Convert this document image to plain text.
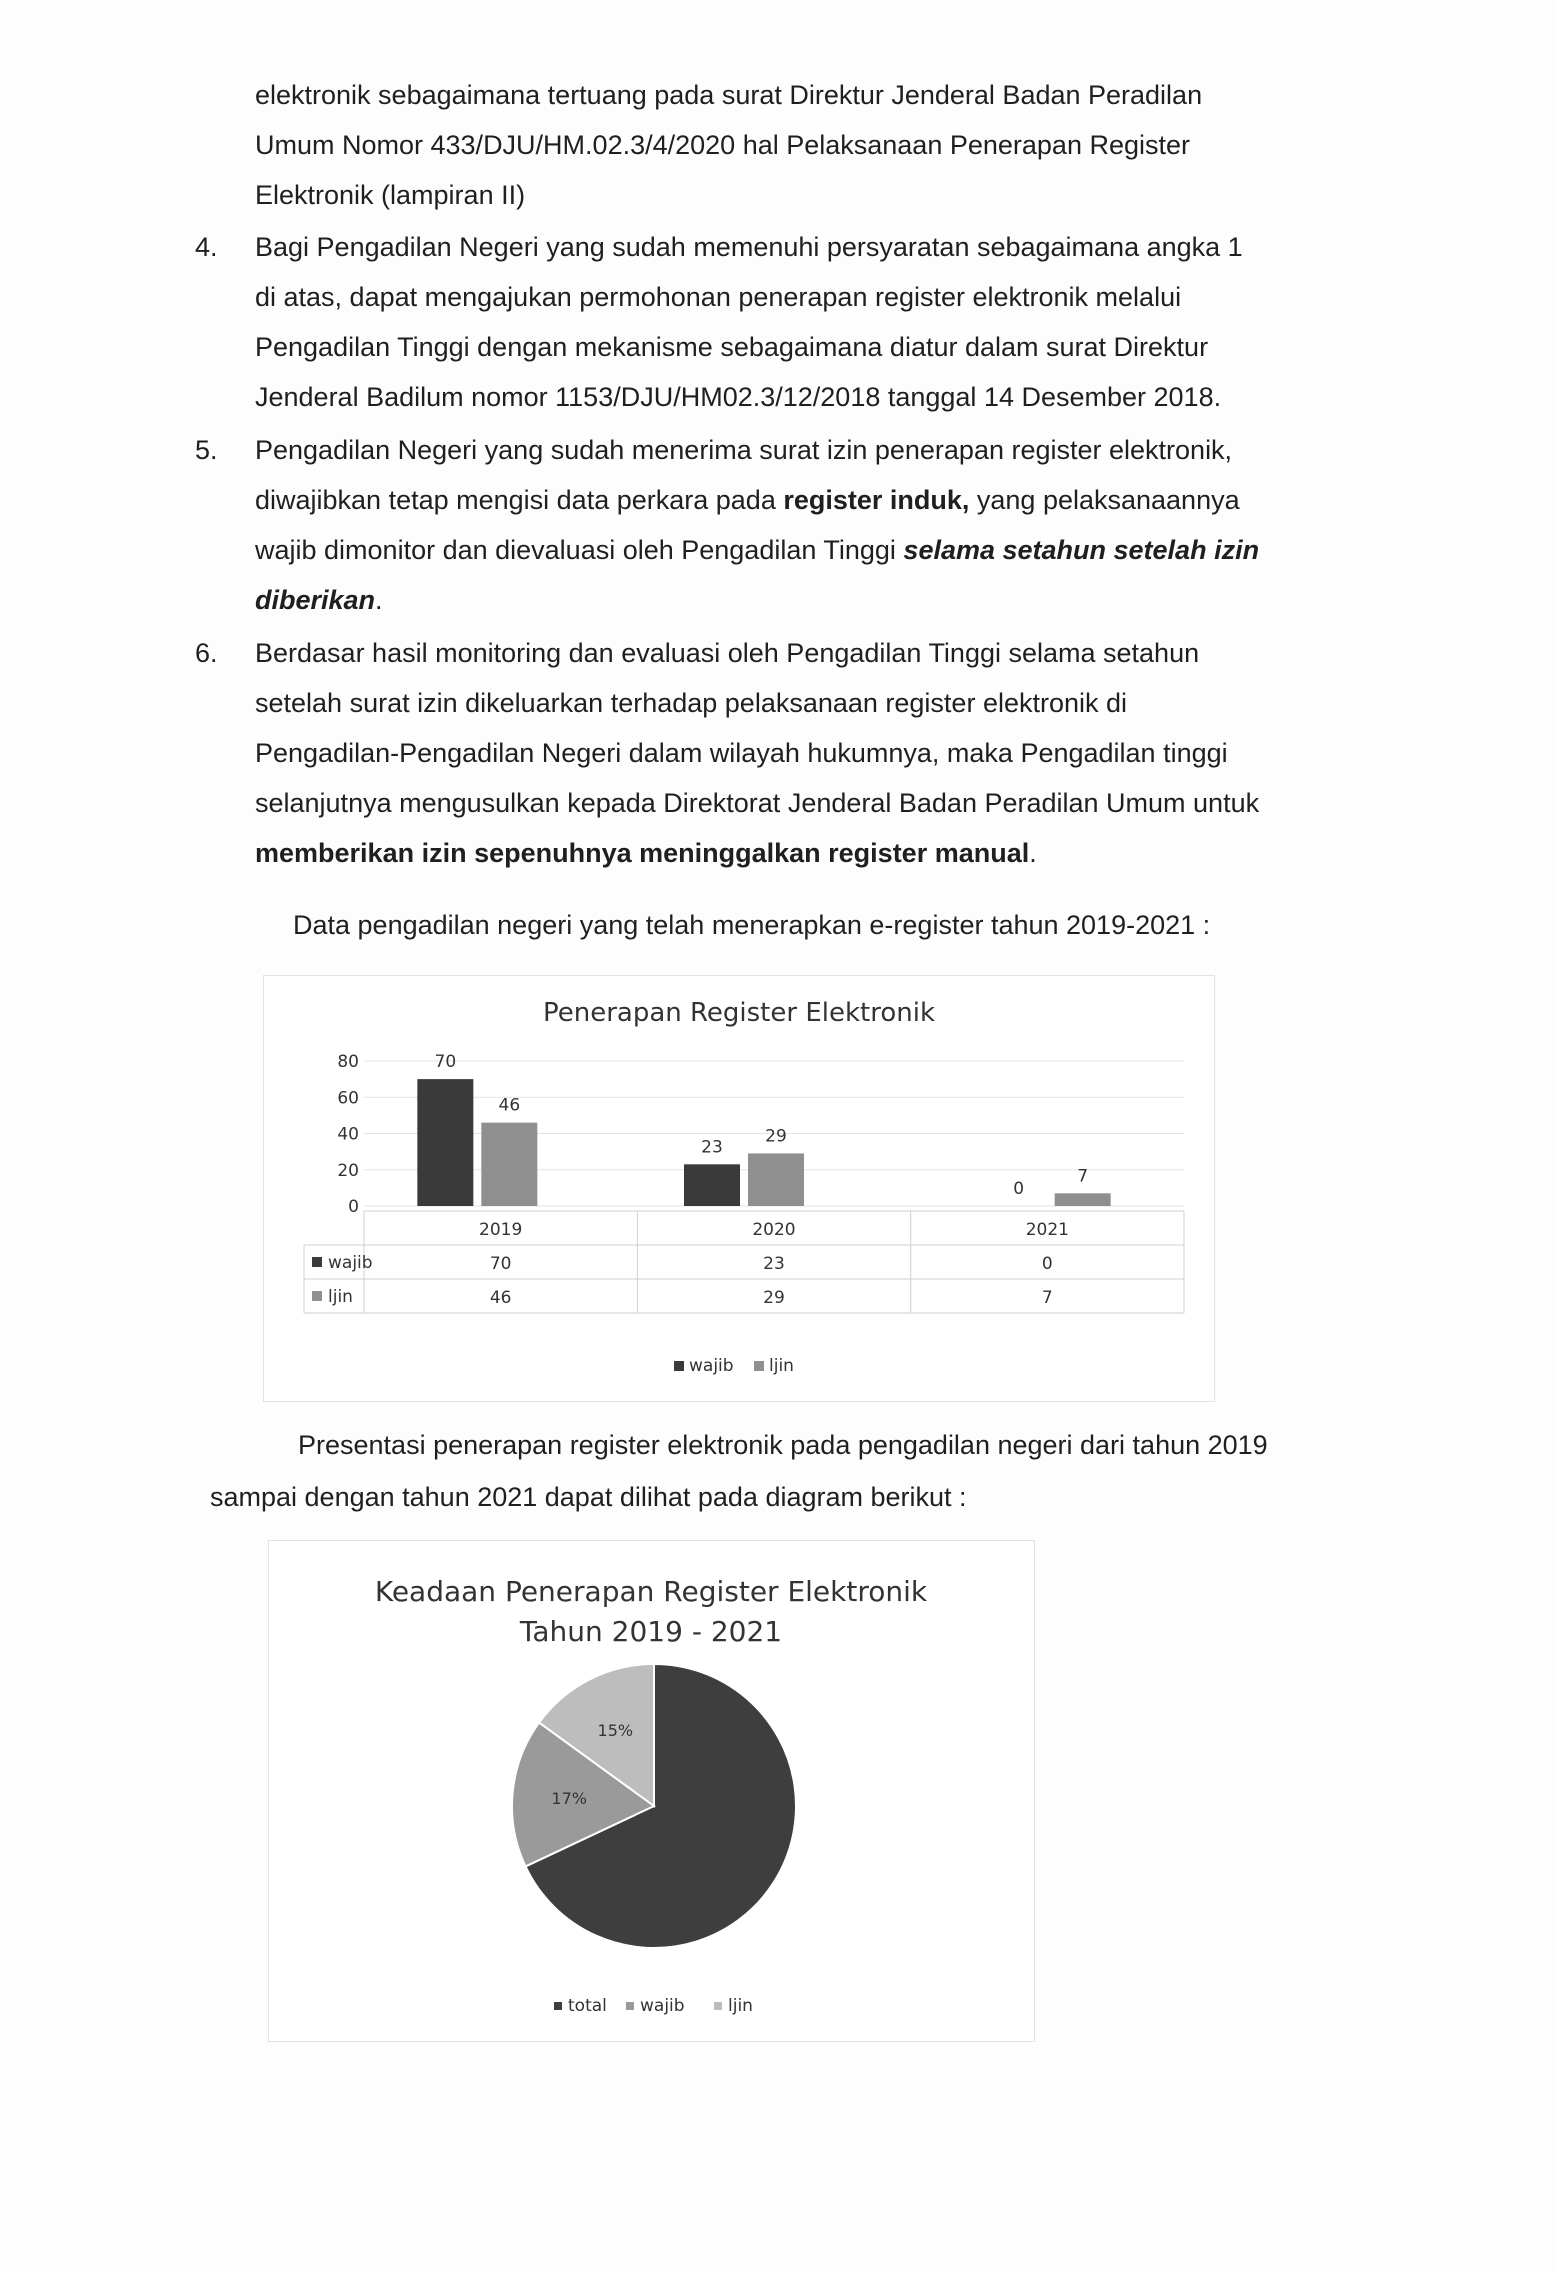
elektronik sebagaimana tertuang pada surat Direktur Jenderal Badan Peradilan
Umum Nomor 433/DJU/HM.02.3/4/2020 hal Pelaksanaan Penerapan Register
Elektronik (lampiran II)
4. Bagi Pengadilan Negeri yang sudah memenuhi persyaratan sebagaimana angka 1
di atas, dapat mengajukan permohonan penerapan register elektronik melalui
Pengadilan Tinggi dengan mekanisme sebagaimana diatur dalam surat Direktur
Jenderal Badilum nomor 1153/DJU/HM02.3/12/2018 tanggal 14 Desember 2018.
5. Pengadilan Negeri yang sudah menerima surat izin penerapan register elektronik,
diwajibkan tetap mengisi data perkara pada register induk, yang pelaksanaannya
wajib dimonitor dan dievaluasi oleh Pengadilan Tinggi selama setahun setelah izin
diberikan.
6. Berdasar hasil monitoring dan evaluasi oleh Pengadilan Tinggi selama setahun
setelah surat izin dikeluarkan terhadap pelaksanaan register elektronik di
Pengadilan-Pengadilan Negeri dalam wilayah hukumnya, maka Pengadilan tinggi
selanjutnya mengusulkan kepada Direktorat Jenderal Badan Peradilan Umum untuk
memberikan izin sepenuhnya meninggalkan register manual.
Data pengadilan negeri yang telah menerapkan e-register tahun 2019-2021 :
Penerapan Register Elektronik
0
20
40
60
80	70
46
23
29
0
7
2019
70
46
2020
23
29
2021
0
7
wajib
ljin
wajib ljin
Presentasi penerapan register elektronik pada pengadilan negeri dari tahun 2019
sampai dengan tahun 2021 dapat dilihat pada diagram berikut :
Keadaan Penerapan Register Elektronik
Tahun 2019 - 2021
17%
15%
total wajib	ljin
